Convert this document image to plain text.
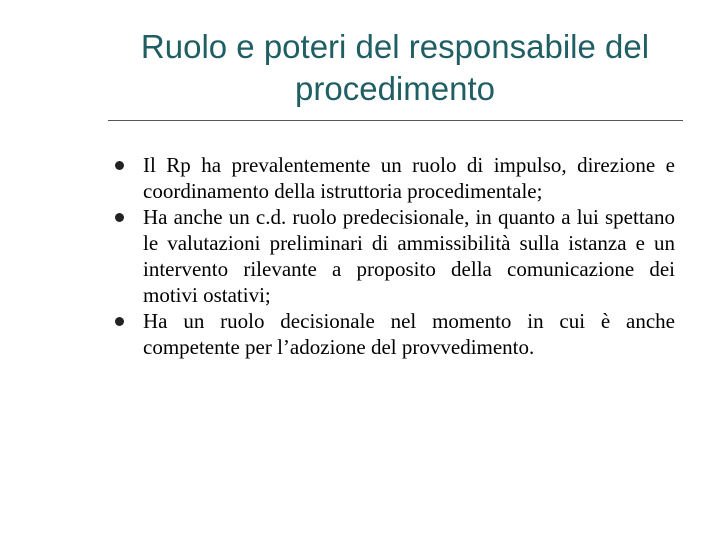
Ruolo e poteri del responsabile del procedimento
Il Rp ha prevalentemente un ruolo di impulso, direzione e coordinamento della istruttoria procedimentale;
Ha anche un c.d. ruolo predecisionale, in quanto a lui spettano le valutazioni preliminari di ammissibilità sulla istanza e un intervento rilevante a proposito della comunicazione dei motivi ostativi;
Ha un ruolo decisionale nel momento in cui è anche competente per l’adozione del provvedimento.
